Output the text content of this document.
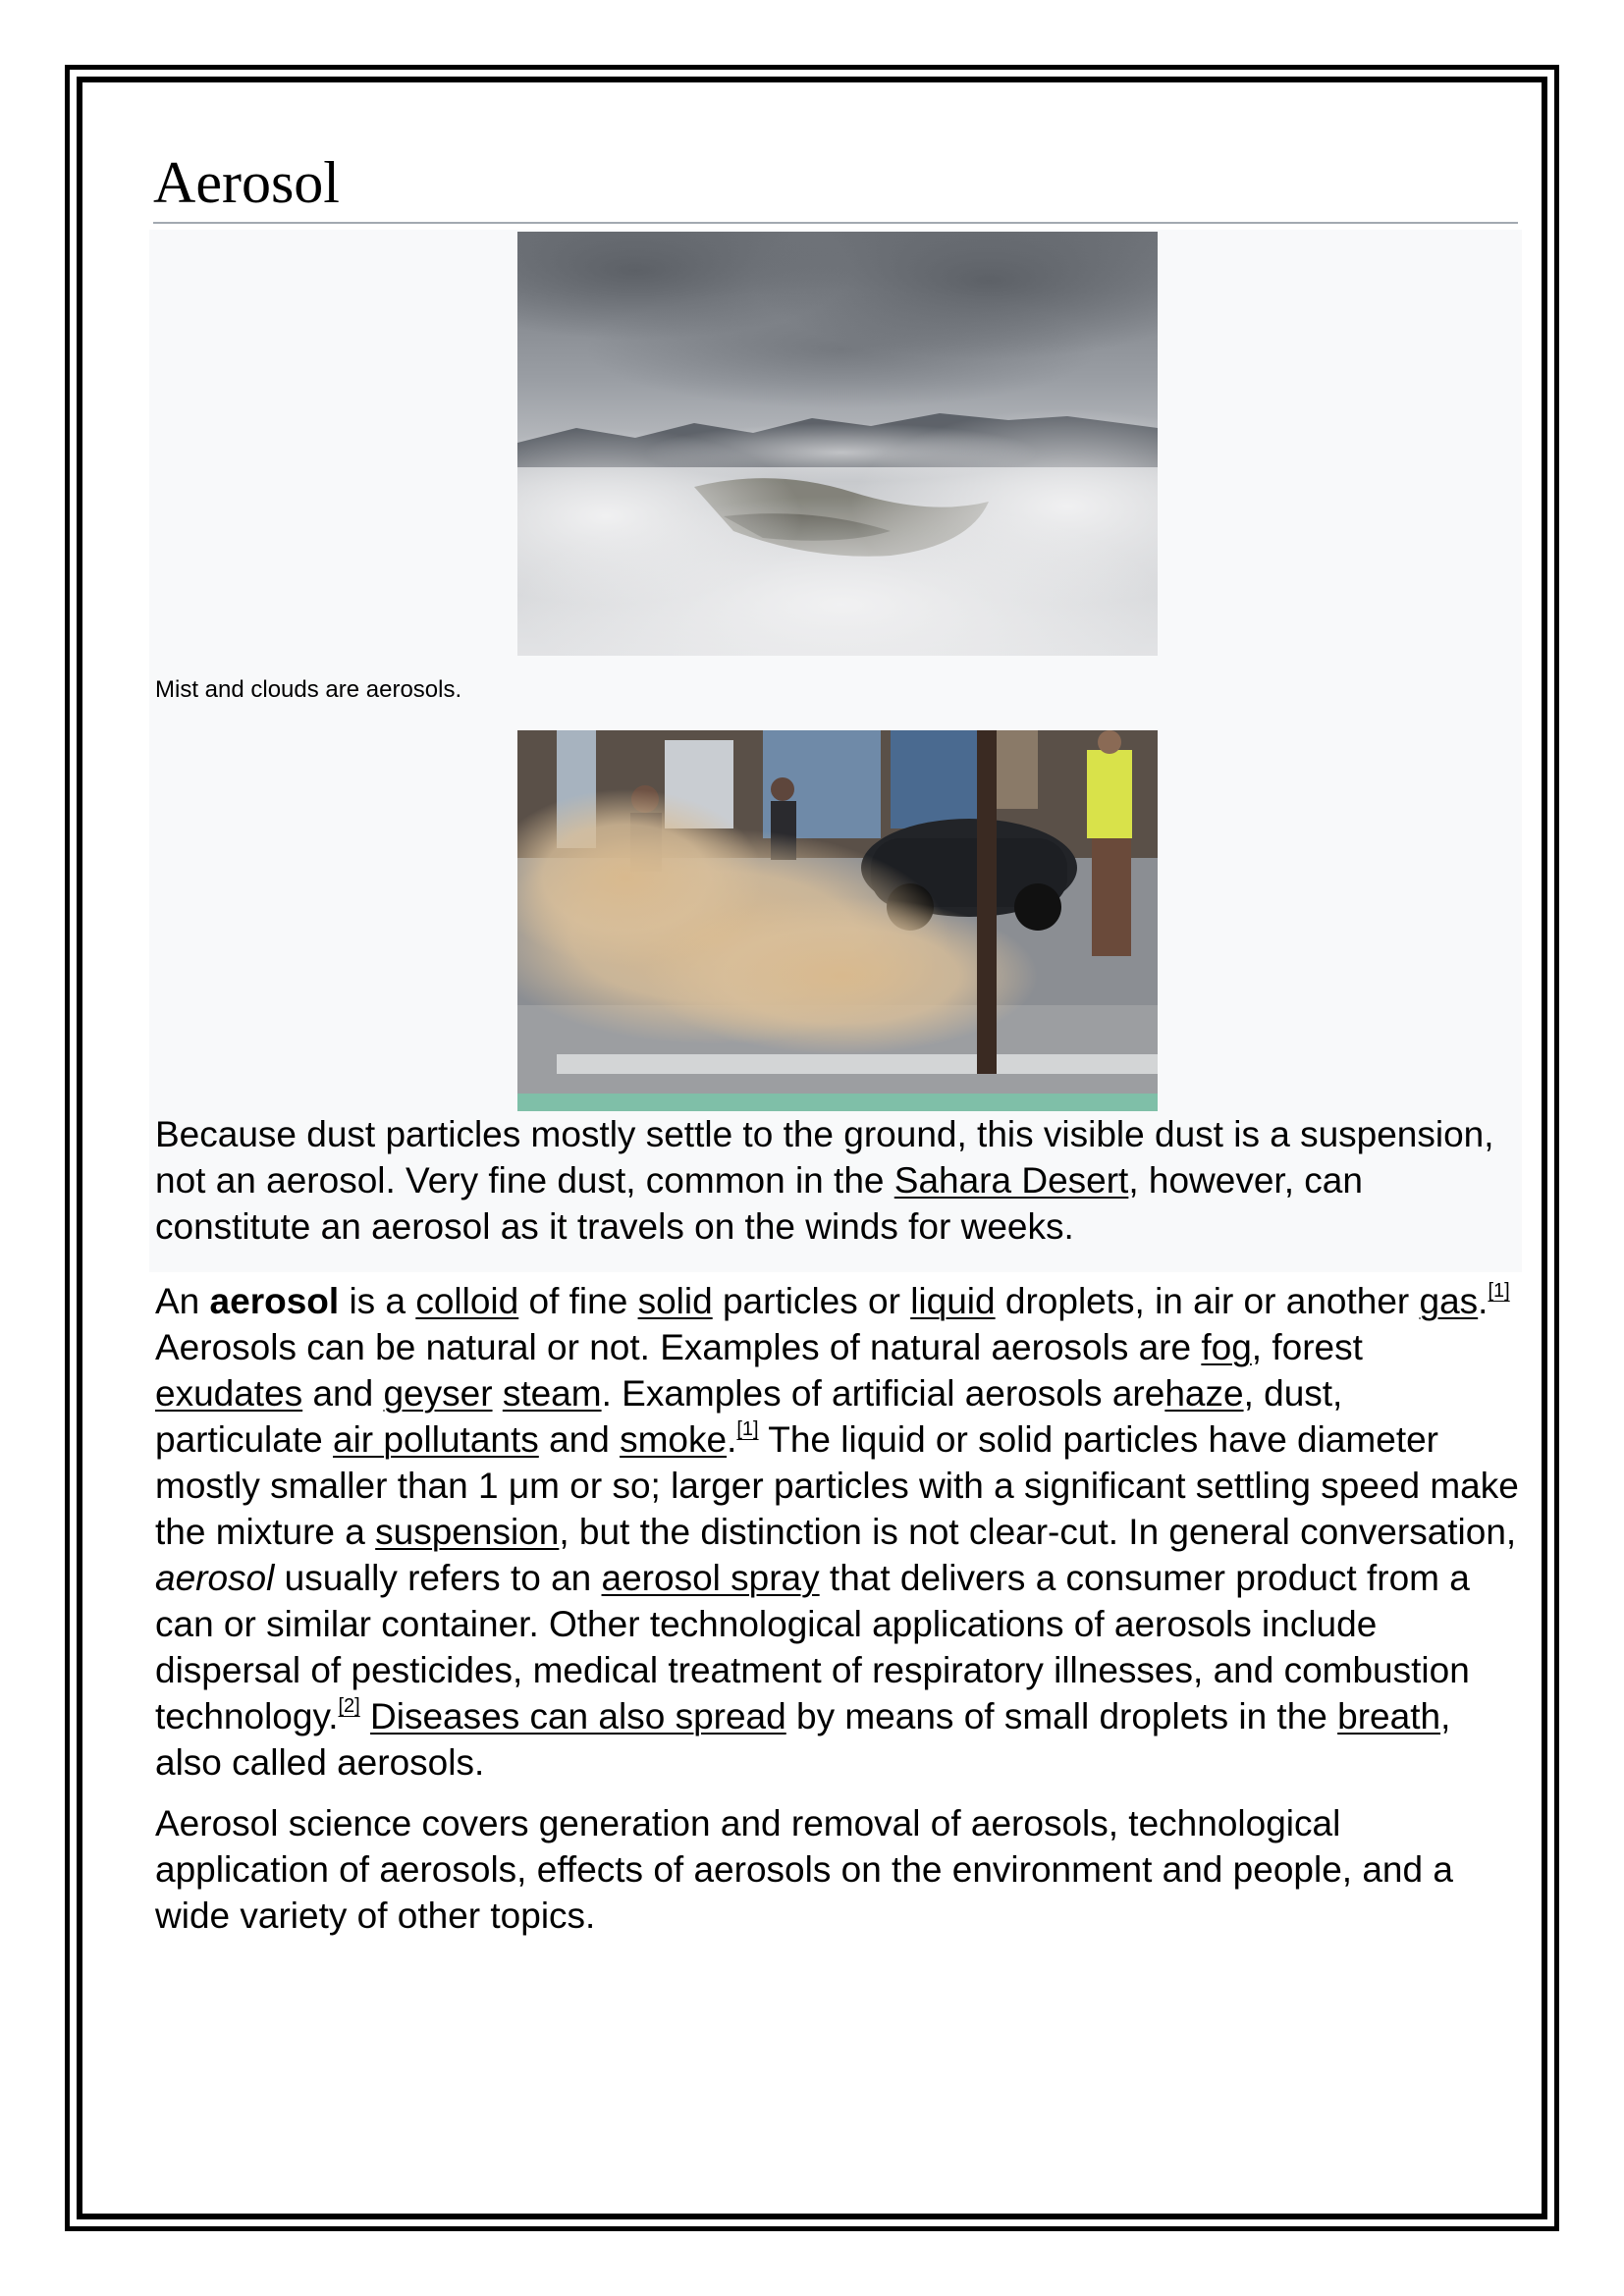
Aerosol
Mist and clouds are aerosols.
Because dust particles mostly settle to the ground, this visible dust is a suspension, not an aerosol. Very fine dust, common in the Sahara Desert, however, can constitute an aerosol as it travels on the winds for weeks.
An aerosol is a colloid of fine solid particles or liquid droplets, in air or another gas.[1] Aerosols can be natural or not. Examples of natural aerosols are fog, forest exudates and geyser steam. Examples of artificial aerosols arehaze, dust, particulate air pollutants and smoke.[1] The liquid or solid particles have diameter mostly smaller than 1 μm or so; larger particles with a significant settling speed make the mixture a suspension, but the distinction is not clear-cut. In general conversation, aerosol usually refers to an aerosol spray that delivers a consumer product from a can or similar container. Other technological applications of aerosols include dispersal of pesticides, medical treatment of respiratory illnesses, and combustion technology.[2] Diseases can also spread by means of small droplets in the breath, also called aerosols.
Aerosol science covers generation and removal of aerosols, technological application of aerosols, effects of aerosols on the environment and people, and a wide variety of other topics.
